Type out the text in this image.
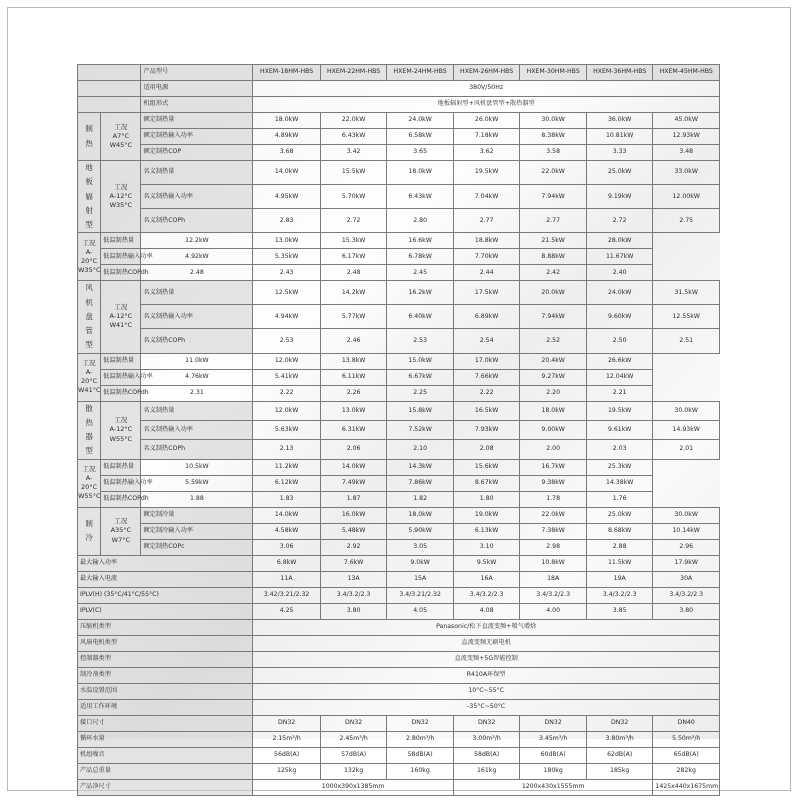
		产品型号	HXEM-18HM-HBS	HXEM-22HM-HBS	HXEM-24HM-HBS	HXEM-26HM-HBS	HXEM-30HM-HBS	HXEM-36HM-HBS	HXEM-45HM-HBS
		适用电源	380V/50Hz						
		机组形式	地板辐射型+风机盘管型+散热器型						
制
热	工况
A7°C
W45°C	额定制热量	18.0kW	22.0kW	24.0kW	26.0kW	30.0kW	36.0kW	45.0kW
		额定制热输入功率	4.89kW	6.43kW	6.58kW	7.18kW	8.38kW	10.81kW	12.93kW
		额定制热COP	3.68	3.42	3.65	3.62	3.58	3.33	3.48
地
板
辐
射
型	工况
A-12°C
W35°C	名义制热量	14.0kW	15.5kW	18.0kW	19.5kW	22.0kW	25.0kW	33.0kW
		名义制热输入功率	4.95kW	5.70kW	6.43kW	7.04kW	7.94kW	9.19kW	12.00kW
		名义制热COPh	2.83	2.72	2.80	2.77	2.77	2.72	2.75
工况
A-20°C
W35°C	低温制热量	12.2kW	13.0kW	15.3kW	16.6kW	18.8kW	21.5kW	28.0kW	
	低温制热输入功率	4.92kW	5.35kW	6.17kW	6.78kW	7.70kW	8.88kW	11.67kW	
	低温制热COPdh	2.48	2.43	2.48	2.45	2.44	2.42	2.40	
风
机
盘
管
型	工况
A-12°C
W41°C	名义制热量	12.5kW	14.2kW	16.2kW	17.5kW	20.0kW	24.0kW	31.5kW
		名义制热输入功率	4.94kW	5.77kW	6.40kW	6.89kW	7.94kW	9.60kW	12.55kW
		名义制热COPh	2.53	2.46	2.53	2.54	2.52	2.50	2.51
工况
A-20°C
W41°C	低温制热量	11.0kW	12.0kW	13.8kW	15.0kW	17.0kW	20.4kW	26.6kW	
	低温制热输入功率	4.76kW	5.41kW	6.11kW	6.67kW	7.66kW	9.27kW	12.04kW	
	低温制热COPdh	2.31	2.22	2.26	2.25	2.22	2.20	2.21	
散
热
器
型	工况
A-12°C
W55°C	名义制热量	12.0kW	13.0kW	15.8kW	16.5kW	18.0kW	19.5kW	30.0kW
		名义制热输入功率	5.63kW	6.31kW	7.52kW	7.93kW	9.00kW	9.61kW	14.93kW
		名义制热COPh	2.13	2.06	2.10	2.08	2.00	2.03	2.01
工况
A-20°C
W55°C	低温制热量	10.5kW	11.2kW	14.0kW	14.3kW	15.6kW	16.7kW	25.3kW	
	低温制热输入功率	5.59kW	6.12kW	7.49kW	7.86kW	8.67kW	9.38kW	14.38kW	
	低温制热COPdh	1.88	1.83	1.87	1.82	1.80	1.78	1.76	
制
冷	工况
A35°C
W7°C	额定制冷量	14.0kW	16.0kW	18.0kW	19.0kW	22.0kW	25.0kW	30.0kW
		额定制冷输入功率	4.58kW	5.48kW	5.90kW	6.13kW	7.38kW	8.68kW	10.14kW
		额定制热COPc	3.06	2.92	3.05	3.10	2.98	2.88	2.96
最大输入功率			6.8kW	7.6kW	9.0kW	9.5kW	10.8kW	11.5kW	17.9kW
最大输入电流			11A	13A	15A	16A	18A	19A	30A
IPLV(H) (35°C/41°C/55°C)			3.42/3.21/2.32	3.4/3.2/2.3	3.4/3.21/2.32	3.4/3.2/2.3	3.4/3.2/2.3	3.4/3.2/2.3	3.4/3.2/2.3
IPLV(C)			4.25	3.80	4.05	4.08	4.00	3.85	3.80
压缩机类型			Panasonic/松下直流变频+喷气增焓						
风扇电机类型			直流变频无刷电机						
控制器类型			直流变频+5G智能控制						
制冷剂类型			R410A环保型						
水温设置范围			10°C~55°C						
适用工作环境			-35°C~50°C						
接口尺寸			DN32	DN32	DN32	DN32	DN32	DN32	DN40
循环水量			2.15m³/h	2.45m³/h	2.80m³/h	3.00m³/h	3.45m³/h	3.80m³/h	5.50m³/h
机组噪音			56dB(A)	57dB(A)	58dB(A)	58dB(A)	60dB(A)	62dB(A)	65dB(A)
产品总重量			125kg	132kg	160kg	161kg	180kg	185kg	282kg
产品净尺寸			1000x390x1385mm			1200x430x1555mm			1425x440x1675mm
